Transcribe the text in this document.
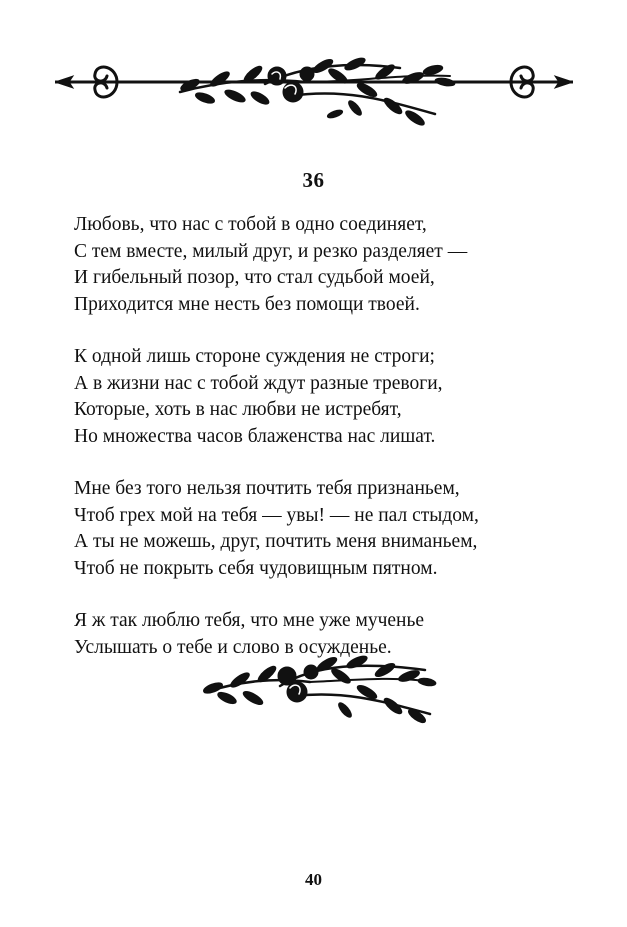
36
Любовь, что нас с тобой в одно соединяет,
С тем вместе, милый друг, и резко разделяет —
И гибельный позор, что стал судьбой моей,
Приходится мне несть без помощи твоей.
К одной лишь стороне суждения не строги;
А в жизни нас с тобой ждут разные тревоги,
Которые, хоть в нас любви не истребят,
Но множества часов блаженства нас лишат.
Мне без того нельзя почтить тебя признаньем,
Чтоб грех мой на тебя — увы! — не пал стыдом,
А ты не можешь, друг, почтить меня вниманьем,
Чтоб не покрыть себя чудовищным пятном.
Я ж так люблю тебя, что мне уже мученье
Услышать о тебе и слово в осужденье.
40
